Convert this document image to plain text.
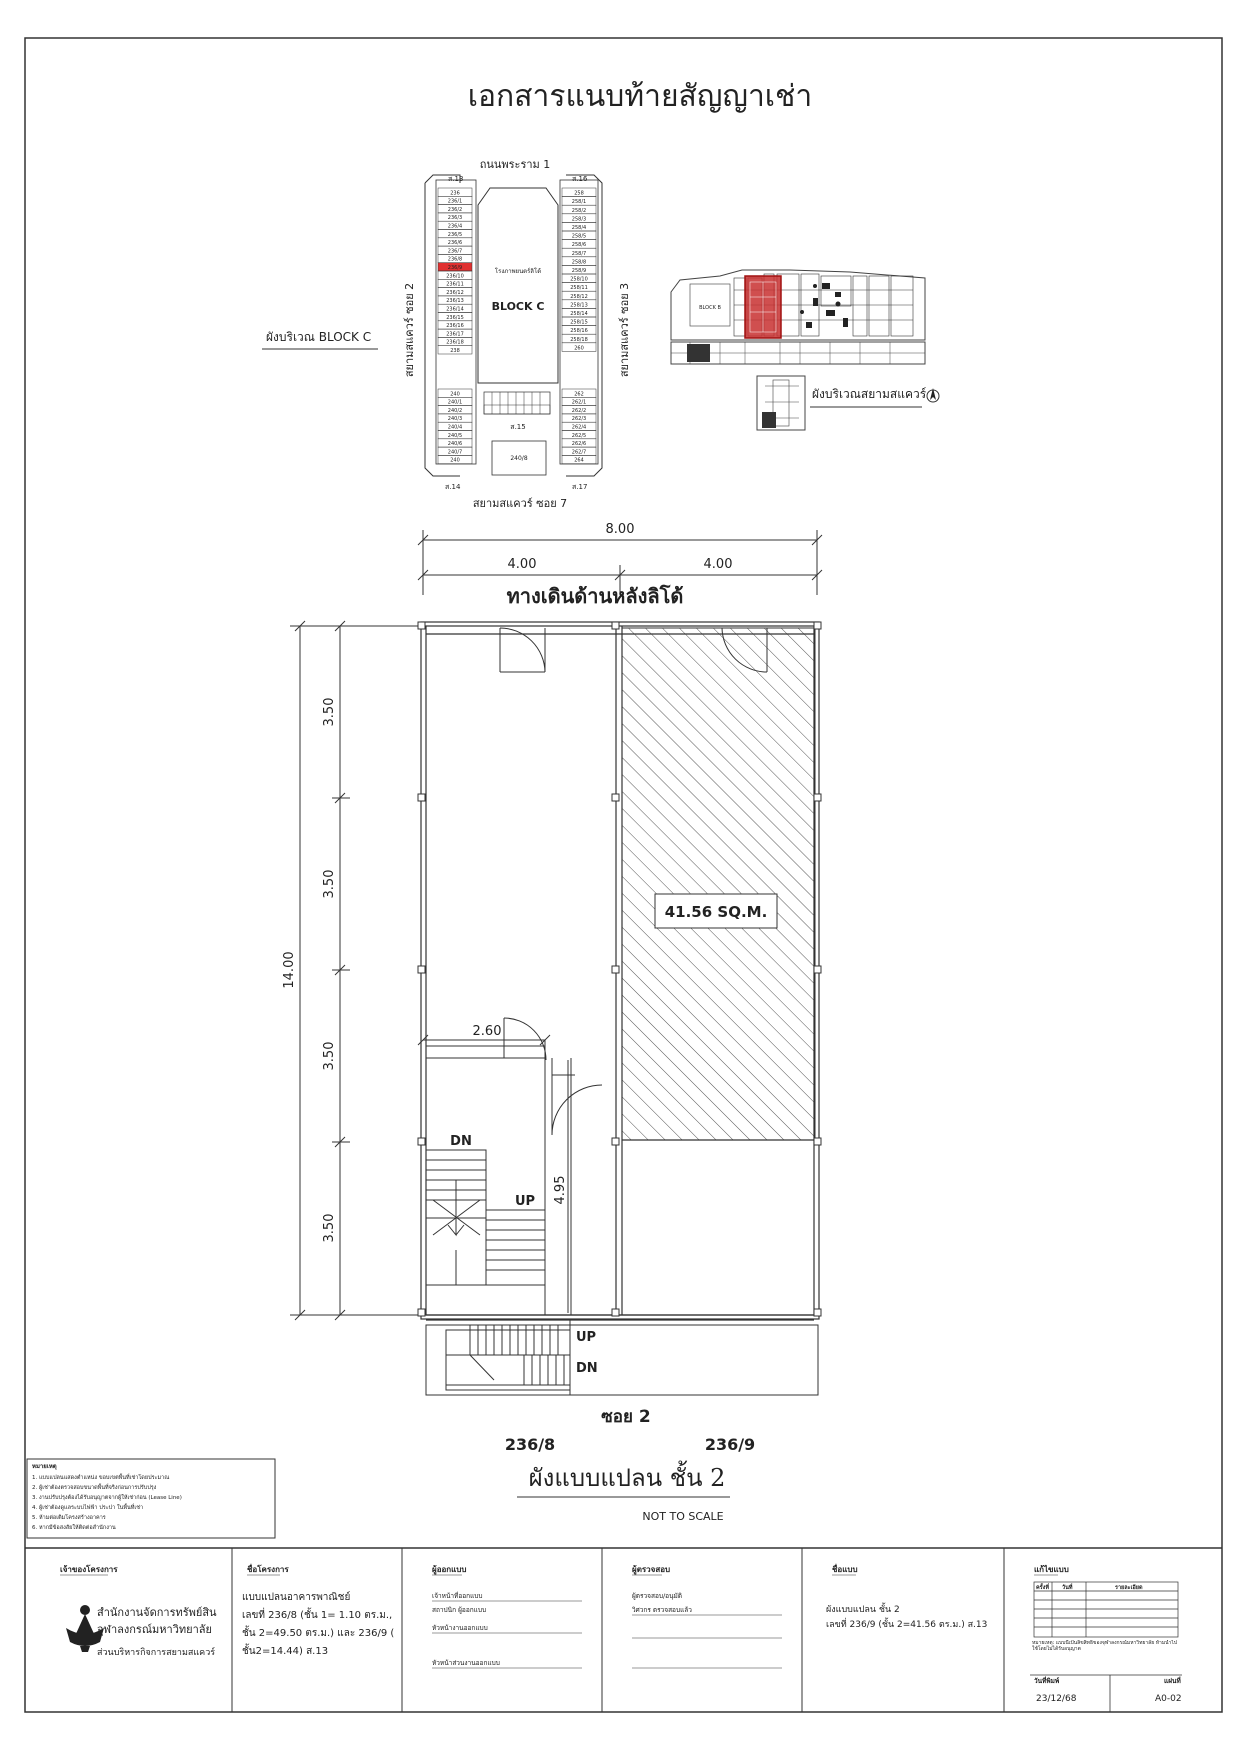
เอกสารแนบท้ายสัญญาเช่า
ถนนพระราม 1
สยามสแควร์ ซอย 7
สยามสแควร์ ซอย 2	สยามสแควร์ ซอย 3
ผังบริเวณ BLOCK C
236
236/1
236/2
236/3
236/4
236/5
236/6
236/7
236/8
236/9
236/10
236/11
236/12
236/13
236/14
236/15
236/16
236/17
236/18
238
240
240/1
240/2
240/3
240/4
240/5
240/6
240/7
240
258
258/1
258/2
258/3
258/4
258/5
258/6
258/7
258/8
258/9
258/10
258/11
258/12
258/13
258/14
258/15
258/16
258/18
260
262
262/1
262/2
262/3
262/4
262/5
262/6
262/7
264
ส.13	ส.16
ส.14	ส.17
โรงภาพยนตร์ลิโด้
BLOCK C
ส.15
240/8
BLOCK B
ผังบริเวณสยามสแควร์
8.00
4.00	4.00
ทางเดินด้านหลังลิโด้
14.00
3.50
3.50
3.50
3.50
2.60
4.95
DN
UP
UP
DN
41.56 SQ.M.
ซอย 2
236/8	236/9
ผังแบบแปลน ชั้น 2
NOT TO SCALE
หมายเหตุ
1. แบบแปลนแสดงตำแหน่ง ขอบเขตพื้นที่เช่าโดยประมาณ
2. ผู้เช่าต้องตรวจสอบขนาดพื้นที่จริงก่อนการปรับปรุง
3. งานปรับปรุงต้องได้รับอนุญาตจากผู้ให้เช่าก่อน (Lease Line)
4. ผู้เช่าต้องดูแลระบบไฟฟ้า ประปา ในพื้นที่เช่า
5. ห้ามต่อเติมโครงสร้างอาคาร
6. หากมีข้อสงสัยให้ติดต่อสำนักงาน
เจ้าของโครงการ
สำนักงานจัดการทรัพย์สิน
จุฬาลงกรณ์มหาวิทยาลัย
ส่วนบริหารกิจการสยามสแควร์
ชื่อโครงการ
แบบแปลนอาคารพาณิชย์
เลขที่ 236/8 (ชั้น 1= 1.10 ตร.ม.,
ชั้น 2=49.50 ตร.ม.) และ 236/9 (
ชั้น2=14.44) ส.13
ผู้ออกแบบ
เจ้าหน้าที่ออกแบบ
สถาปนิก ผู้ออกแบบ
หัวหน้างานออกแบบ
หัวหน้าส่วนงานออกแบบ
ผู้ตรวจสอบ
ผู้ตรวจสอบ/อนุมัติ
วิศวกร ตรวจสอบแล้ว
ชื่อแบบ
ผังแบบแปลน ชั้น 2
เลขที่ 236/9 (ชั้น 2=41.56 ตร.ม.) ส.13
แก้ไขแบบ
ครั้งที่ วันที่	รายละเอียด
หมายเหตุ: แบบนี้เป็นลิขสิทธิ์ของจุฬาลงกรณ์มหาวิทยาลัย ห้ามนำไปใช้โดยไม่ได้รับอนุญาต
วันที่พิมพ์
23/12/68
แผ่นที่
A0-02
